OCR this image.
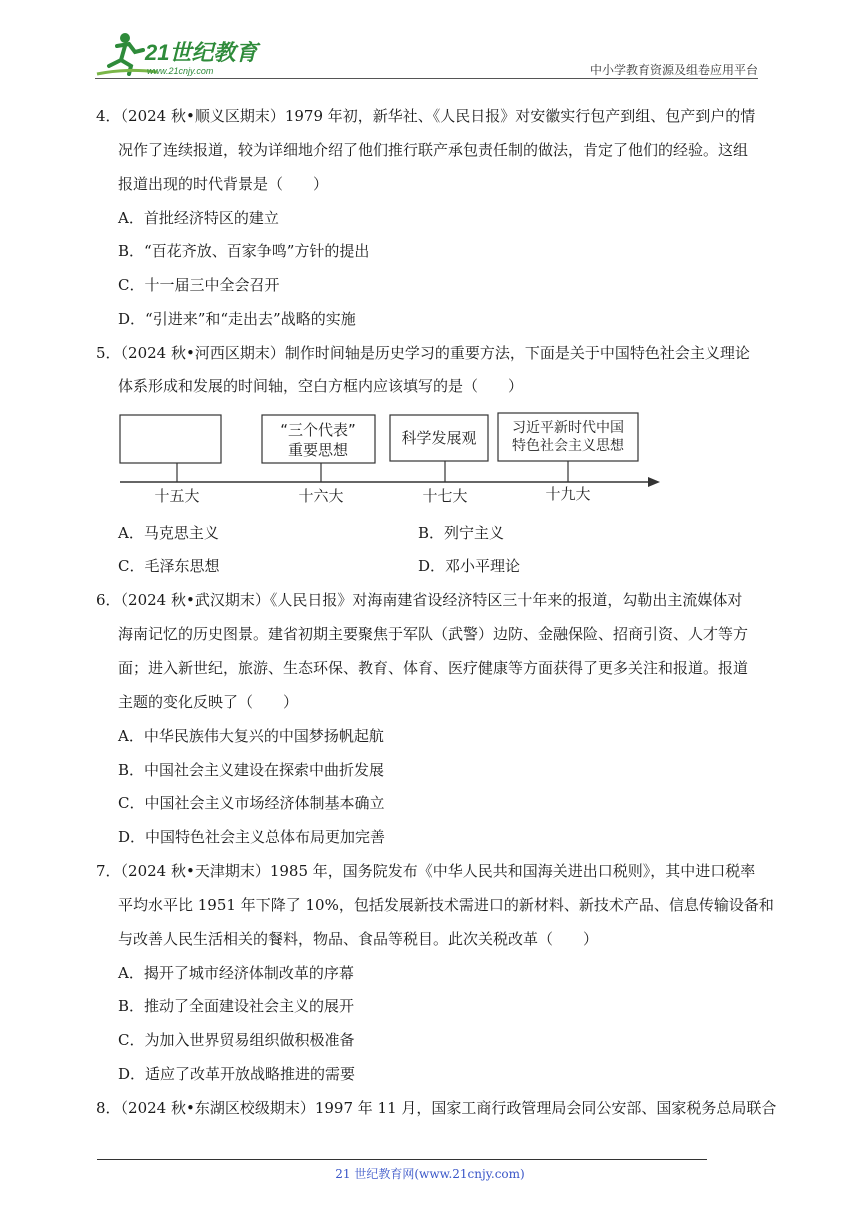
21世纪教育
www.21cnjy.com	中小学教育资源及组卷应用平台
4．（2024 秋•顺义区期末）1979 年初，新华社、《人民日报》对安徽实行包产到组、包产到户的情
况作了连续报道，较为详细地介绍了他们推行联产承包责任制的做法，肯定了他们的经验。这组
报道出现的时代背景是（　　）
A．首批经济特区的建立
B．“百花齐放、百家争鸣”方针的提出
C．十一届三中全会召开
D．“引进来”和“走出去”战略的实施
5．（2024 秋•河西区期末）制作时间轴是历史学习的重要方法，下面是关于中国特色社会主义理论
体系形成和发展的时间轴，空白方框内应该填写的是（　　）
“三个代表”
重要思想
科学发展观
习近平新时代中国
特色社会主义思想
十五大	十六大	十七大	十九大
A．马克思主义	B．列宁主义
C．毛泽东思想	D．邓小平理论
6．（2024 秋•武汉期末）《人民日报》对海南建省设经济特区三十年来的报道，勾勒出主流媒体对
海南记忆的历史图景。建省初期主要聚焦于军队（武警）边防、金融保险、招商引资、人才等方
面；进入新世纪，旅游、生态环保、教育、体育、医疗健康等方面获得了更多关注和报道。报道
主题的变化反映了（　　）
A．中华民族伟大复兴的中国梦扬帆起航
B．中国社会主义建设在探索中曲折发展
C．中国社会主义市场经济体制基本确立
D．中国特色社会主义总体布局更加完善
7．（2024 秋•天津期末）1985 年，国务院发布《中华人民共和国海关进出口税则》，其中进口税率
平均水平比 1951 年下降了 10%，包括发展新技术需进口的新材料、新技术产品、信息传输设备和
与改善人民生活相关的餐料，物品、食品等税目。此次关税改革（　　）
A．揭开了城市经济体制改革的序幕
B．推动了全面建设社会主义的展开
C．为加入世界贸易组织做积极准备
D．适应了改革开放战略推进的需要
8．（2024 秋•东湖区校级期末）1997 年 11 月，国家工商行政管理局会同公安部、国家税务总局联合
21 世纪教育网(www.21cnjy.com)
